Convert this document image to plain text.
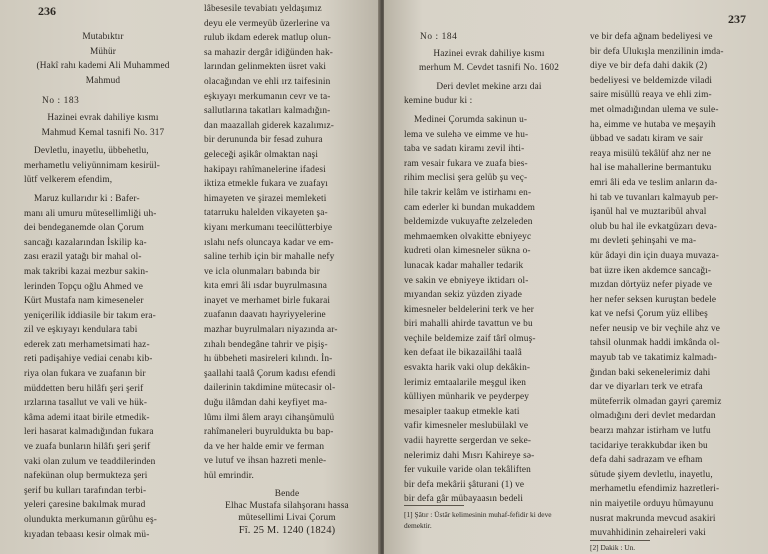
236
Mutabıktır
Mühür
(Hakî rahı kademi Ali Muhammed
Mahmud

No : 183

Hazinei evrak dahiliye kısmı
Mahmud Kemal tasnifi No. 317
Devletlu, inayetlu, übbehetlu,
merhametlu veliyünnimam kesirül-
lütf velkerem efendim,
Maruz kullarıdır ki : Bafer-
manı ali umuru mütesellimliği uh-
dei bendeganemde olan Çorum
sancağı kazalarından İskilip ka-
zası erazil yatağı bir mahal ol-
mak takribi kazai mezbur sakin-
lerinden Topçu oğlu Ahmed ve
Kürt Mustafa nam kimeseneler
yeniçerilik iddiasile bir takım era-
zil ve eşkıyayı kendulara tabi
ederek zatı merhametsimati haz-
reti padişahiye vediai cenabı kib-
riya olan fukara ve zuafanın bir
müddetten beru hilâfı şeri şerif
ırzlarına tasallut ve vali ve hük-
kâma ademi itaat birile etmedik-
leri hasarat kalmadığından fukara
ve zuafa bunların hilâfı şeri şerif
vaki olan zulum ve teaddilerinden
nafekünan olup bermukteza şeri
şerif bu kulları tarafından terbi-
yeleri çaresine bakılmak murad
olundukta merkumanın gürûhu eş-
kıyadan tebaası kesir olmak mü-
lâbesesile tevabiatı yeldaşımız
deyu ele vermeyüb üzerlerine va
rulub ikdam ederek matlup olun-
sa mahazir dergâr idiğünden hak-
larından gelinmekten üsret vaki
olacağından ve ehli ırz taifesinin
eşkıyayı merkumanın cevr ve ta-
sallutlarına takatları kalmadığın-
dan maazallah giderek kazalımız-
bir derununda bir fesad zuhura
geleceği aşikâr olmaktan naşi
hakipayı rahîmanelerine ifadesi
iktiza etmekle fukara ve zuafayı
himayeten ve şirazei memleketi
tatarruku halelden vikayeten şa-
kiyanı merkumanı teecilütterbiye
ıslahı nefs oluncaya kadar ve em-
saline terhib için bir mahalle nefy
ve icla olunmaları babında bir
kıta emri âli ısdar buyrulmasına
inayet ve merhamet birle fukarai
zuafanın daavatı hayriyyelerine
mazhar buyrulmaları niyazında ar-
zıhalı bendegâne tahrir ve pişiş-
hı übbeheti masireleri kılındı. İn-
şaallahi taalâ Çorum kadısı efendi
dailerinin takdimine mütecasir ol-
duğu ilâmdan dahi keyfiyet ma-
lûmı ilmi âlem arayı cihanşümulü
rahîmaneleri buyruldukta bu bap-
da ve her halde emir ve ferman
ve lutuf ve ihsan hazreti menle-
hül emrindir.
Bende
Elhac Mustafa silahşoranı hassa
mütesellimi Livai Çorum
Fî. 25 M. 1240 (1824)
237

No : 184

Hazinei evrak dahiliye kısmı
merhum M. Cevdet tasnifi No. 1602
Deri devlet mekine arzı dai
kemine budur ki :
Medinei Çorumda sakinun u-
lema ve sulehə ve eimme ve hu-
taba ve sadatı kiramı zevil ihti-
ram vesair fukara ve zuafa bies-
rihim meclisi şera gelüb şu veç-
hile takrir kelâm ve istirhamı en-
cam ederler ki bundan mukaddem
beldemizde vukuyafte zelzeleden
mehmaemken olvakitte ebniyeyc
kudreti olan kimesneler sükna o-
lunacak kadar mahaller tedarik
ve sakin ve ebniyeye iktidarı ol-
mıyandan sekiz yüzden ziyade
kimesneler beldelerini terk ve her
biri mahalli ahirde tavattun ve bu
veçhile beldemize zaif târî olmuş-
ken defaat ile bikazailâhi taalâ
esvakta harik vaki olup dekâkin-
lerimiz emtaalarile meşgul iken
külliyen münharik ve peyderpey
mesaipler taakup etmekle kati
vafir kimesneler meslubülakl ve
vadii hayrette sergerdan ve seke-
nelerimiz dahi Mısrı Kahireye sə-
fer vukuile varide olan tekâliften
bir defa mekârii şâturani (1) ve
bir defa gâr mübayaasın bedeli
[1] Şâtır : Üstâr kelimesinin muhaf-fefidir ki deve demektir.
ve bir defa ağnam bedeliyesi ve
bir defa Ulukışla menzilinin imda-
diye ve bir defa dahi dakik (2)
bedeliyesi ve beldemizde viladi
saire misüllü reaya ve ehli zim-
met olmadığından ulema ve sule-
ha, eimme ve hutaba ve meşayih
übbad ve sadatı kiram ve sair
reaya misülü tekâlüf ahz ner ne
hal ise mahallerine bermantuku
emri âli eda ve teslim anların da-
hi tab ve tuvanları kalmayub per-
işanül hal ve muztaribül ahval
olub bu hal ile evkatgüzarı deva-
mı devleti şehinşahi ve ma-
kür âdayi din için duaya muvaza-
bat üzre iken akdemce sancağı-
mızdan dörtyüz nefer piyade ve
her nefer seksen kuruştan bedele
kat ve nefsi Çorum yüz ellibeş
nefer neusip ve bir veçhile ahz ve
tahsil olunmak haddi imkânda ol-
mayub tab ve takatimiz kalmadı-
ğından baki sekenelerimiz dahi
dar ve diyarları terk ve etrafa
müteferrik olmadan gayri çaremiz
olmadığını deri devlet medardan
bearzı mahzar istirham ve lutfu
tacidariye terakkubdar iken bu
defa dahi sadrazam ve efham
sütude şiyem devletlu, inayetlu,
merhametlu efendimiz hazretleri-
nin maiyetile orduyu hümayunu
nusrat makrunda mevcud asakiri
muvahhidinin zehaireleri vaki
[2] Dakik : Un.
